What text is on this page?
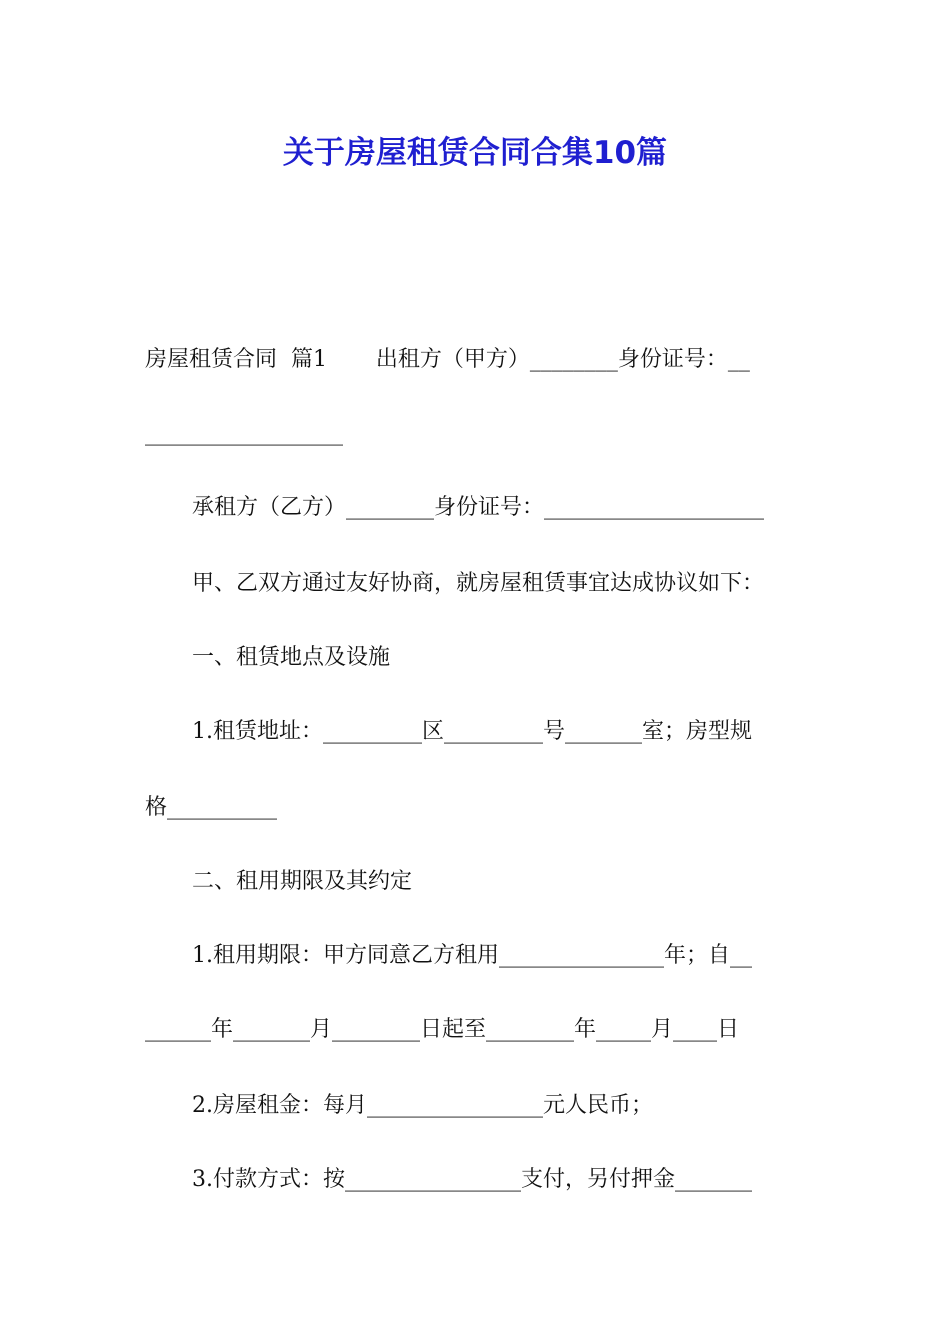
关于房屋租赁合同合集10篇
房屋租赁合同  篇1       出租方（甲方）________身份证号：__
__________________
承租方（乙方）________身份证号：____________________
甲、乙双方通过友好协商，就房屋租赁事宜达成协议如下：
一、租赁地点及设施
1.租赁地址：_________区_________号_______室；房型规
格__________
二、租用期限及其约定
1.租用期限：甲方同意乙方租用_______________年；自__
______年_______月________日起至________年_____月____日
2.房屋租金：每月________________元人民币；
3.付款方式：按________________支付，另付押金_______
